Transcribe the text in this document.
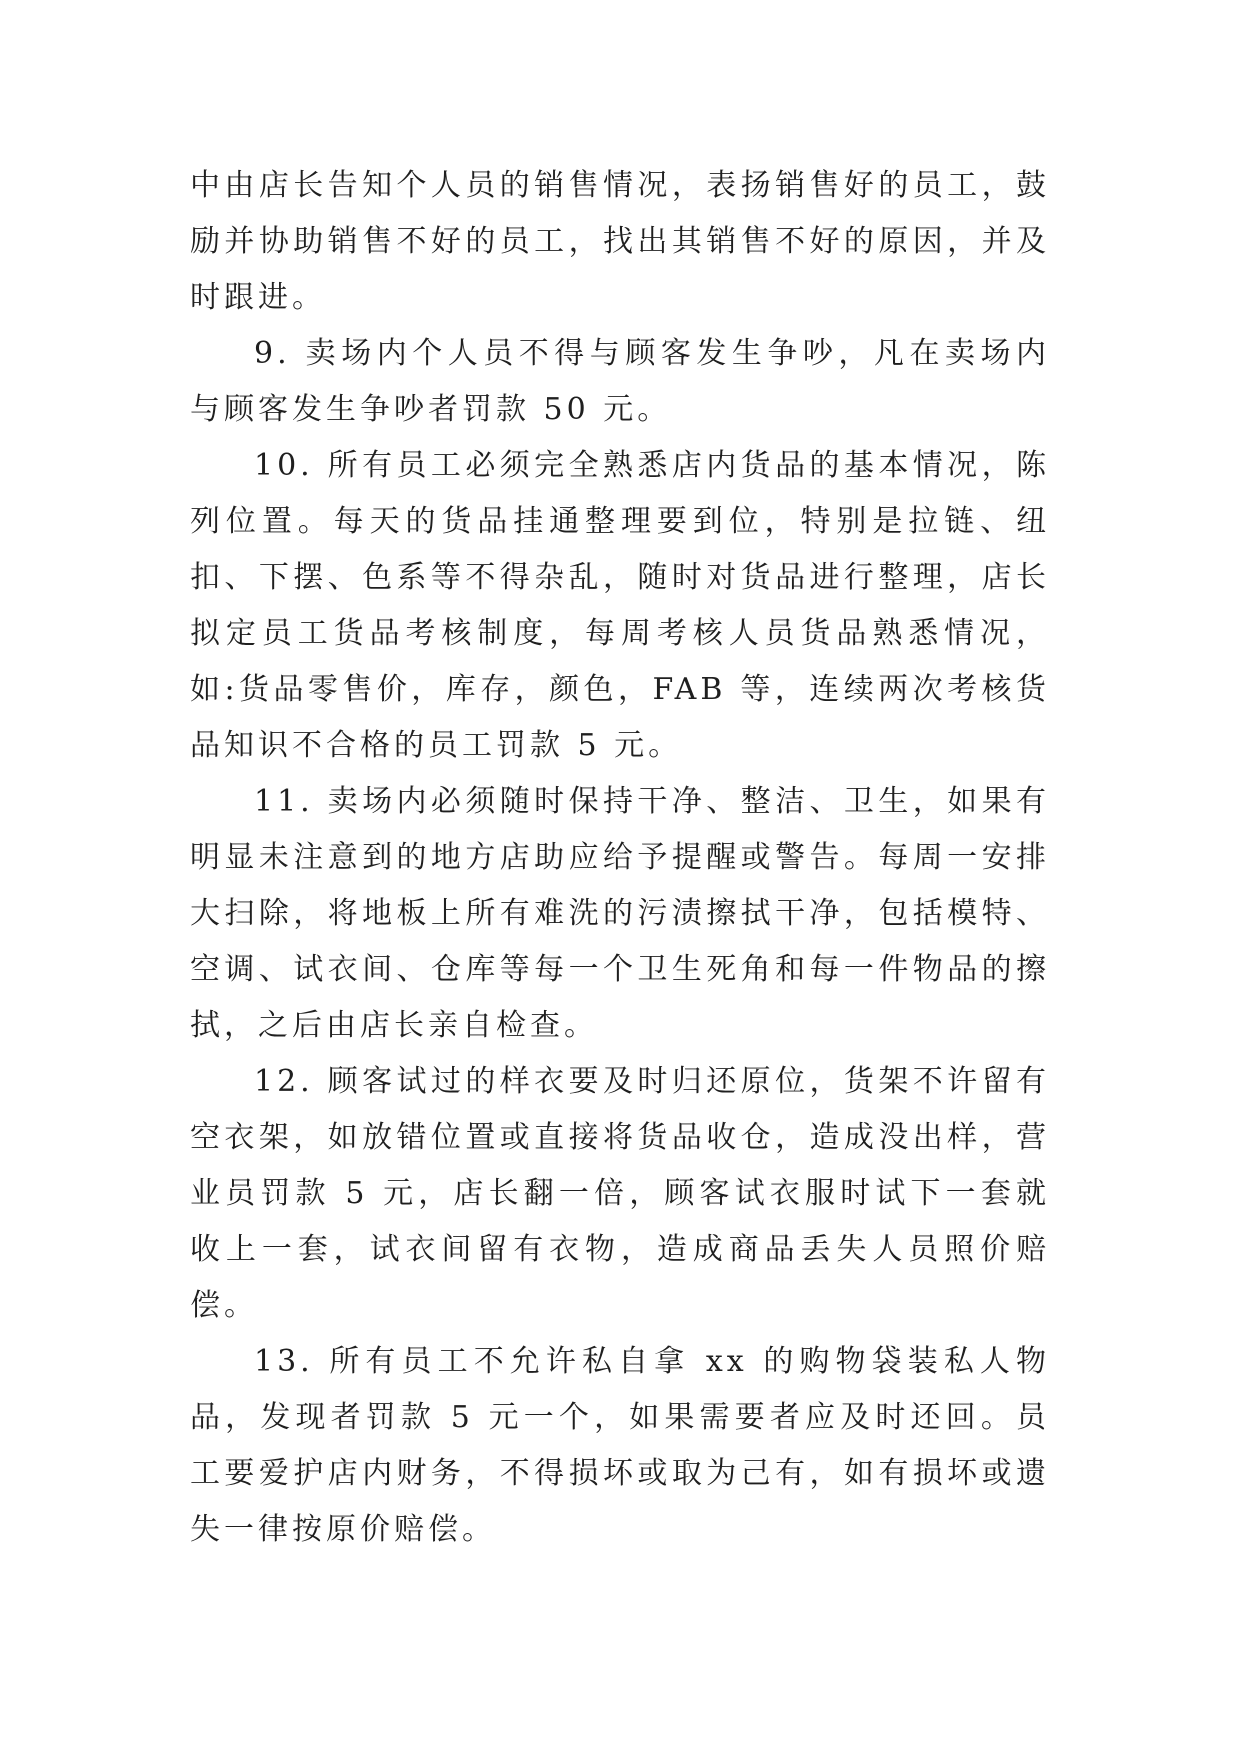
中由店长告知个人员的销售情况，表扬销售好的员工，鼓励并协助销售不好的员工，找出其销售不好的原因，并及时跟进。

9. 卖场内个人员不得与顾客发生争吵，凡在卖场内与顾客发生争吵者罚款 50 元。

10. 所有员工必须完全熟悉店内货品的基本情况，陈列位置。每天的货品挂通整理要到位，特别是拉链、纽扣、下摆、色系等不得杂乱，随时对货品进行整理，店长拟定员工货品考核制度，每周考核人员货品熟悉情况，如:货品零售价，库存，颜色，FAB 等，连续两次考核货品知识不合格的员工罚款 5 元。

11. 卖场内必须随时保持干净、整洁、卫生，如果有明显未注意到的地方店助应给予提醒或警告。每周一安排大扫除，将地板上所有难洗的污渍擦拭干净，包括模特、空调、试衣间、仓库等每一个卫生死角和每一件物品的擦拭，之后由店长亲自检查。

12. 顾客试过的样衣要及时归还原位，货架不许留有空衣架，如放错位置或直接将货品收仓，造成没出样，营业员罚款 5 元，店长翻一倍，顾客试衣服时试下一套就收上一套，试衣间留有衣物，造成商品丢失人员照价赔偿。

13. 所有员工不允许私自拿 xx 的购物袋装私人物品，发现者罚款 5 元一个，如果需要者应及时还回。员工要爱护店内财务，不得损坏或取为己有，如有损坏或遗失一律按原价赔偿。
